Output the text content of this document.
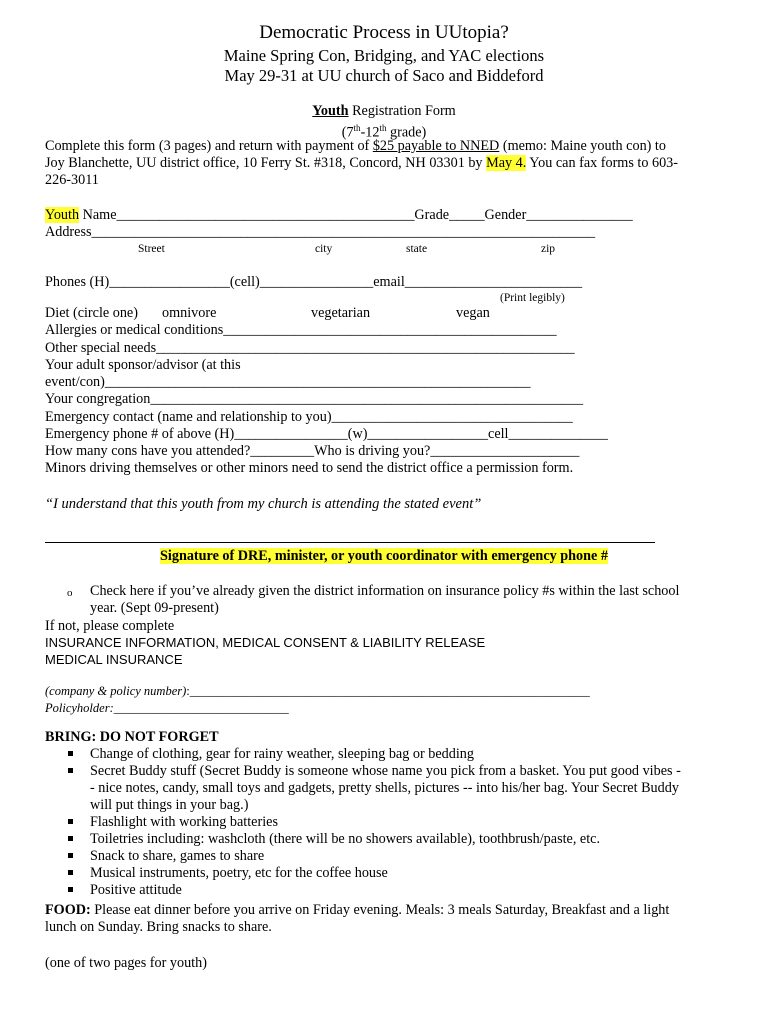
Democratic Process in UUtopia?
Maine Spring Con, Bridging, and YAC elections
May 29-31 at UU church of Saco and Biddeford
Youth Registration Form
(7th-12th grade)
Complete this form (3 pages) and return with payment of $25 payable to NNED (memo: Maine youth con) to
Joy Blanchette, UU district office, 10 Ferry St. #318, Concord, NH 03301 by May 4. You can fax forms to 603-
226-3011
Youth Name__________________________________________Grade_____Gender_______________
Address_______________________________________________________________________
Street	city	state	zip
Phones (H)_________________(cell)________________email_________________________
(Print legibly)
Diet (circle one) omnivore	vegetarian	vegan
Allergies or medical conditions_______________________________________________
Other special needs___________________________________________________________
Your adult sponsor/advisor (at this
event/con)____________________________________________________________
Your congregation_____________________________________________________________
Emergency contact (name and relationship to you)__________________________________
Emergency phone # of above (H)________________(w)_________________cell______________
How many cons have you attended?_________Who is driving you?_____________________
Minors driving themselves or other minors need to send the district office a permission form.
“I understand that this youth from my church is attending the stated event”
Signature of DRE, minister, or youth coordinator with emergency phone #
o Check here if you’ve already given the district information on insurance policy #s within the last school
year. (Sept 09-present)
If not, please complete
INSURANCE INFORMATION, MEDICAL CONSENT & LIABILITY RELEASE
MEDICAL INSURANCE
(company & policy number):________________________________________________________________
Policyholder:____________________________
BRING: DO NOT FORGET
Change of clothing, gear for rainy weather, sleeping bag or bedding
Secret Buddy stuff (Secret Buddy is someone whose name you pick from a basket. You put good vibes -
- nice notes, candy, small toys and gadgets, pretty shells, pictures -- into his/her bag. Your Secret Buddy
will put things in your bag.)
Flashlight with working batteries
Toiletries including: washcloth (there will be no showers available), toothbrush/paste, etc.
Snack to share, games to share
Musical instruments, poetry, etc for the coffee house
Positive attitude
FOOD: Please eat dinner before you arrive on Friday evening. Meals: 3 meals Saturday, Breakfast and a light
lunch on Sunday. Bring snacks to share.
(one of two pages for youth)
